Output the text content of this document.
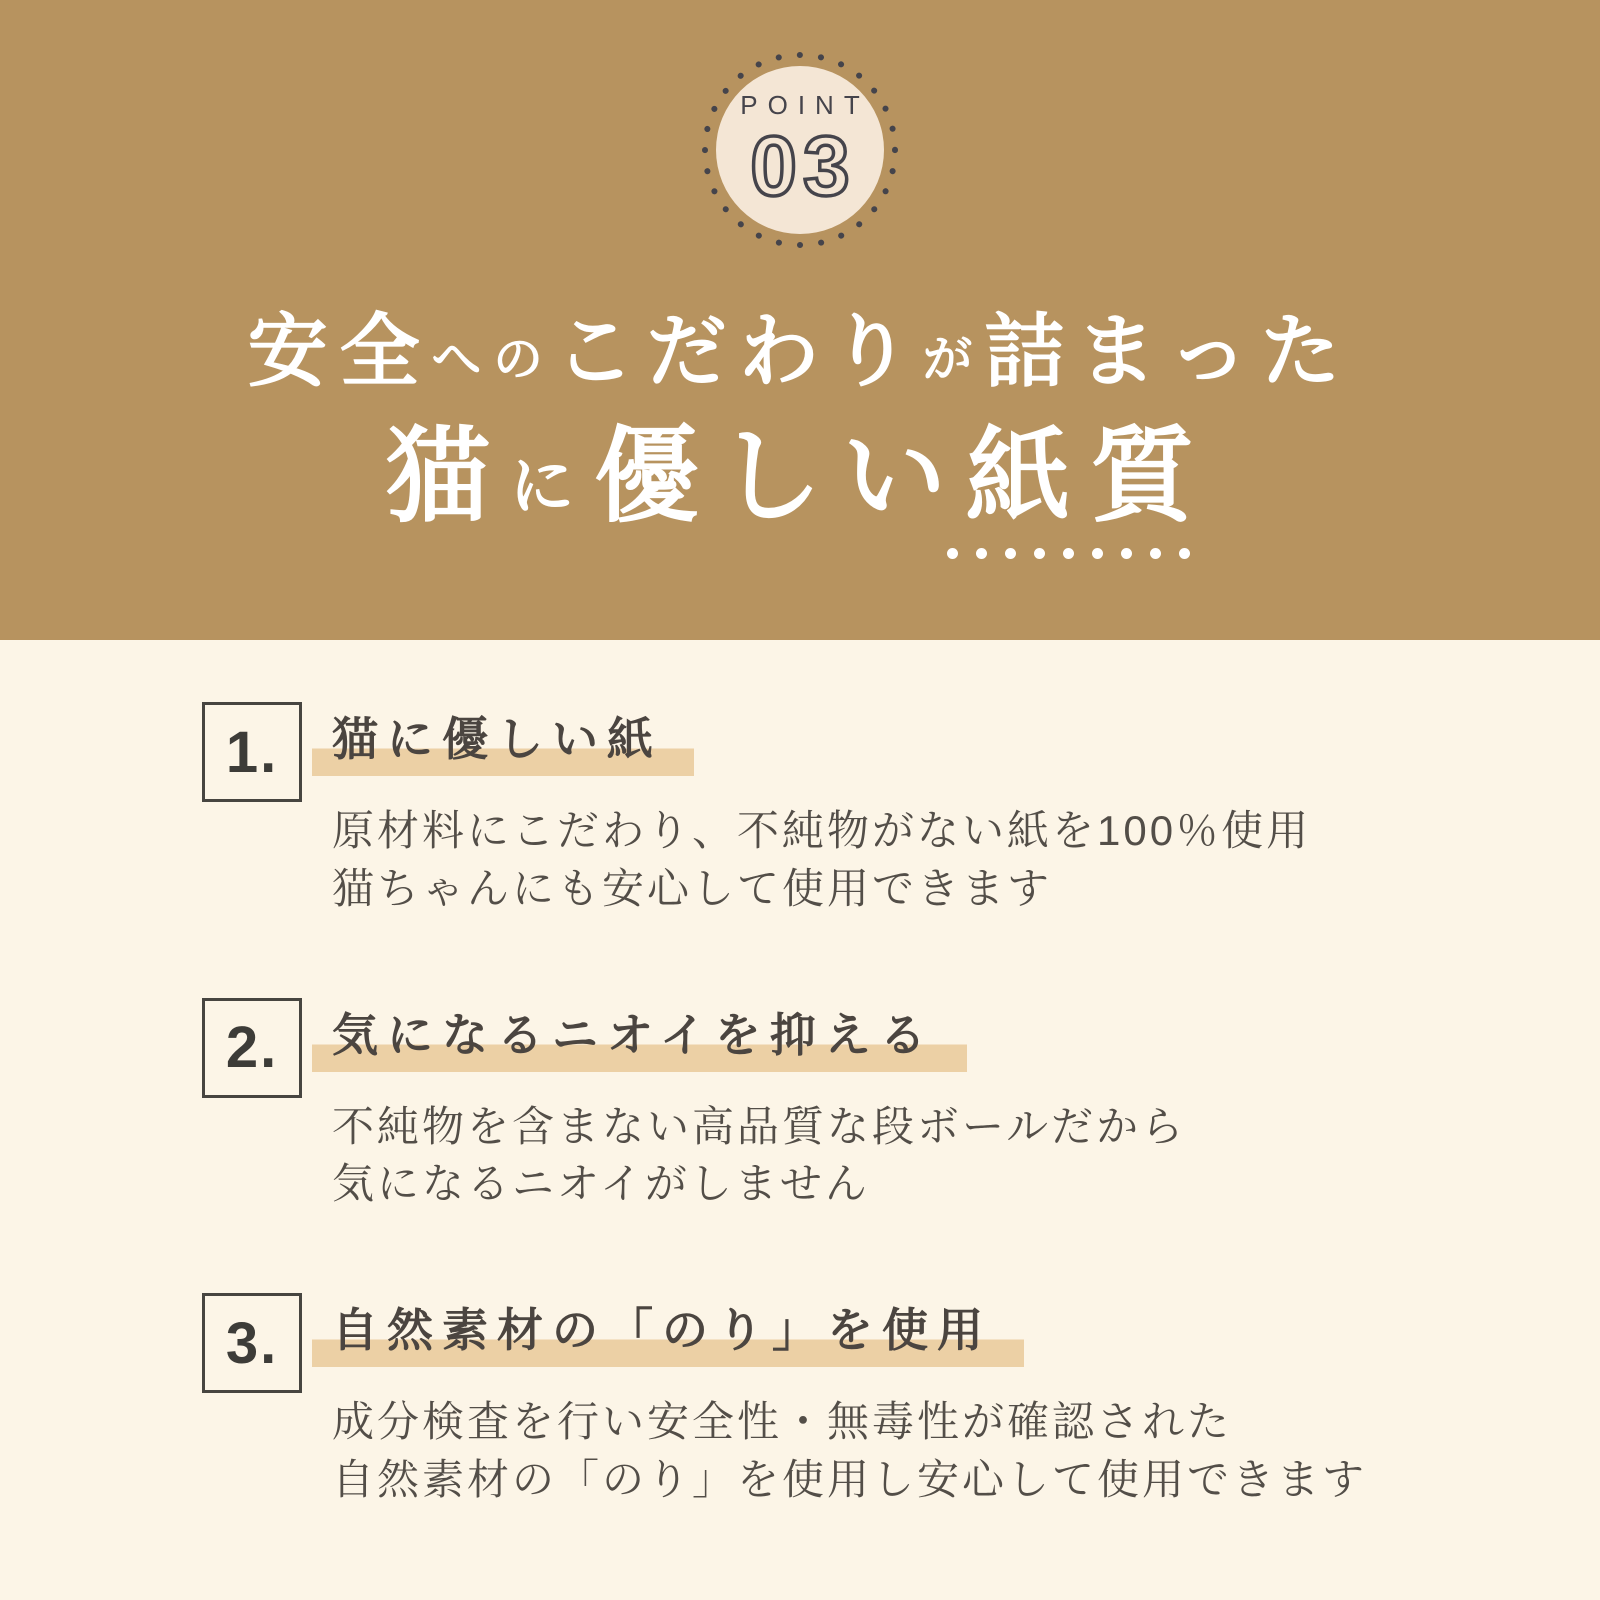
POINT
03
安全へのこだわりが詰まった
猫に優しい紙質
1.	猫に優しい紙

原材料にこだわり、不純物がない紙を100％使用

猫ちゃんにも安心して使用できます

2.	気になるニオイを抑える

不純物を含まない高品質な段ボールだから

気になるニオイがしません

3.	自然素材の「のり」を使用

成分検査を行い安全性・無毒性が確認された

自然素材の「のり」を使用し安心して使用できます
